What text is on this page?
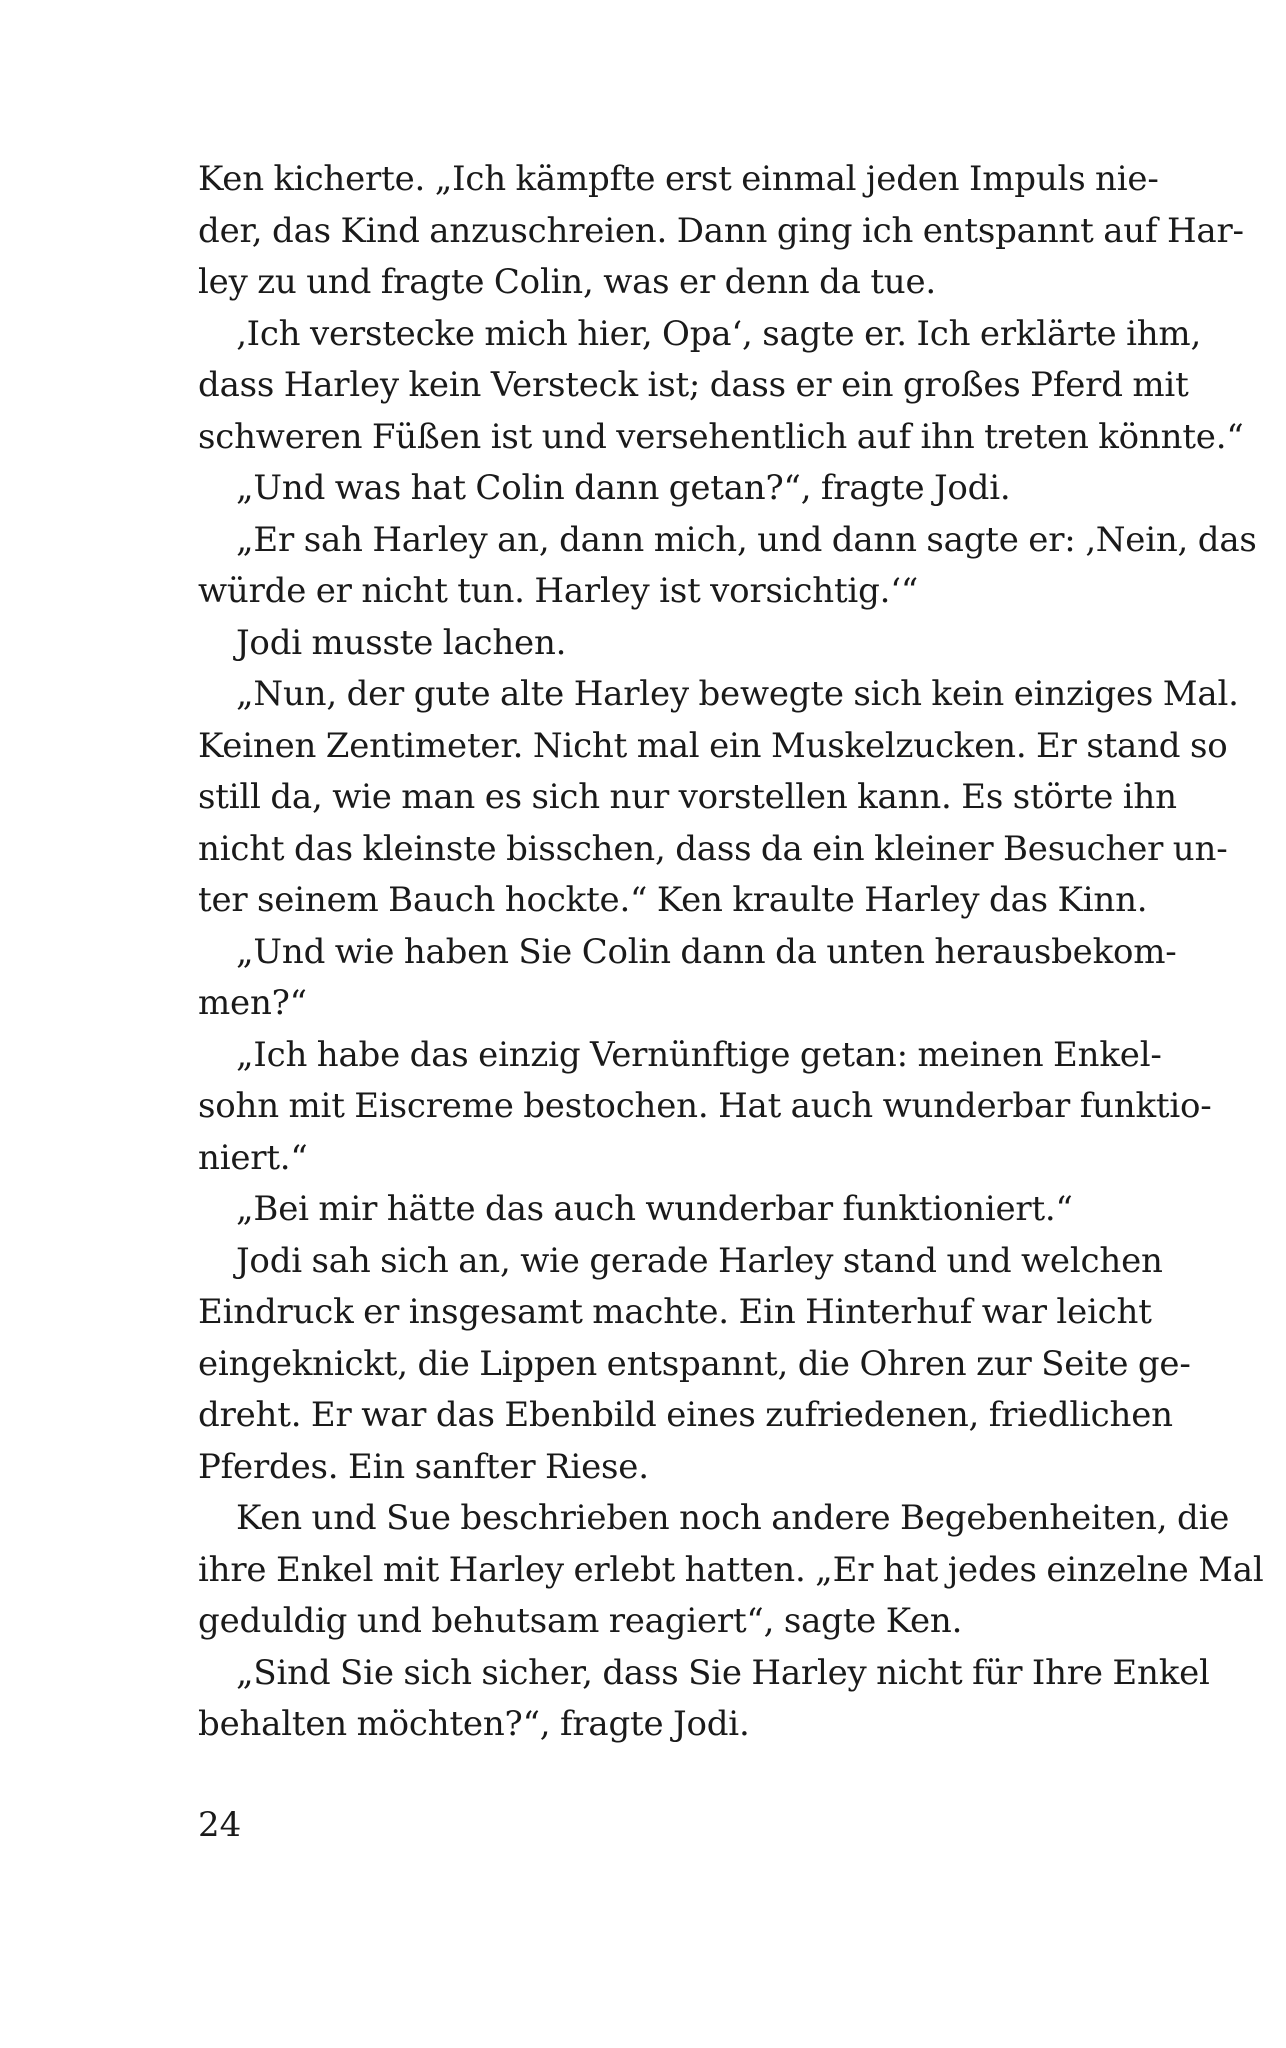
Ken kicherte. „Ich kämpfte erst einmal jeden Impuls nie-
der, das Kind anzuschreien. Dann ging ich entspannt auf Har-
ley zu und fragte Colin, was er denn da tue.

‚Ich verstecke mich hier, Opa‘, sagte er. Ich erklärte ihm,
dass Harley kein Versteck ist; dass er ein großes Pferd mit
schweren Füßen ist und versehentlich auf ihn treten könnte.“

„Und was hat Colin dann getan?“, fragte Jodi.

„Er sah Harley an, dann mich, und dann sagte er: ‚Nein, das
würde er nicht tun. Harley ist vorsichtig.‘“

Jodi musste lachen.

„Nun, der gute alte Harley bewegte sich kein einziges Mal.
Keinen Zentimeter. Nicht mal ein Muskelzucken. Er stand so
still da, wie man es sich nur vorstellen kann. Es störte ihn
nicht das kleinste bisschen, dass da ein kleiner Besucher un-
ter seinem Bauch hockte.“ Ken kraulte Harley das Kinn.

„Und wie haben Sie Colin dann da unten herausbekom-
men?“

„Ich habe das einzig Vernünftige getan: meinen Enkel-
sohn mit Eiscreme bestochen. Hat auch wunderbar funktio-
niert.“

„Bei mir hätte das auch wunderbar funktioniert.“

Jodi sah sich an, wie gerade Harley stand und welchen
Eindruck er insgesamt machte. Ein Hinterhuf war leicht
eingeknickt, die Lippen entspannt, die Ohren zur Seite ge-
dreht. Er war das Ebenbild eines zufriedenen, friedlichen
Pferdes. Ein sanfter Riese.

Ken und Sue beschrieben noch andere Begebenheiten, die
ihre Enkel mit Harley erlebt hatten. „Er hat jedes einzelne Mal
geduldig und behutsam reagiert“, sagte Ken.

„Sind Sie sich sicher, dass Sie Harley nicht für Ihre Enkel
behalten möchten?“, fragte Jodi.

24
